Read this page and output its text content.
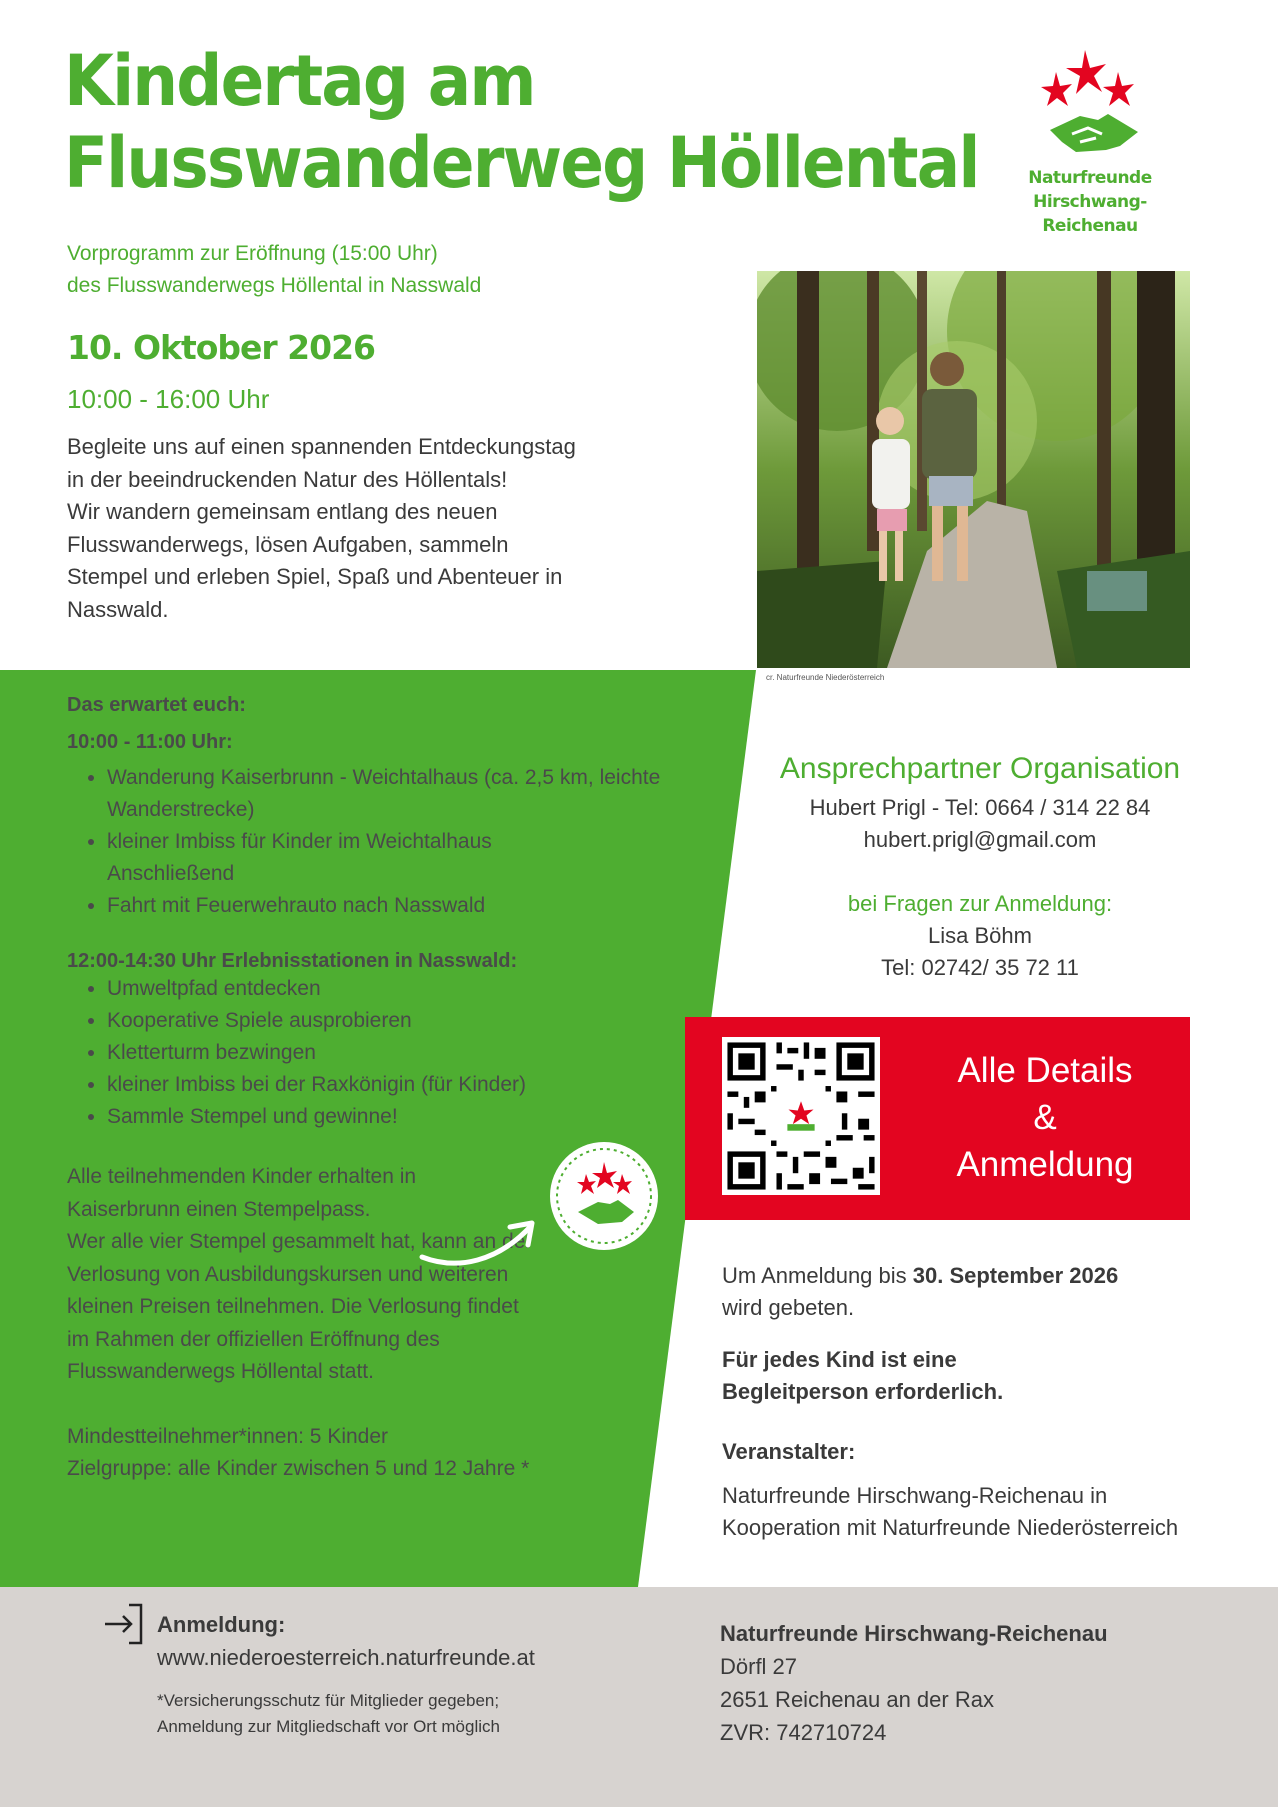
Kindertag am
Flusswanderweg Höllental	Naturfreunde
Hirschwang-
Reichenau
Vorprogramm zur Eröffnung (15:00 Uhr)
des Flusswanderwegs Höllental in Nasswald
10. Oktober 2026
10:00 - 16:00 Uhr
Begleite uns auf einen spannenden Entdeckungstag
in der beeindruckenden Natur des Höllentals!
Wir wandern gemeinsam entlang des neuen
Flusswanderwegs, lösen Aufgaben, sammeln
Stempel und erleben Spiel, Spaß und Abenteuer in
Nasswald.
cr. Naturfreunde Niederösterreich
Das erwartet euch:
10:00 - 11:00 Uhr:
• Wanderung Kaiserbrunn - Weichtalhaus (ca. 2,5 km, leichte Wanderstrecke)
• kleiner Imbiss für Kinder im Weichtalhaus Anschließend
• Fahrt mit Feuerwehrauto nach Nasswald
12:00-14:30 Uhr Erlebnisstationen in Nasswald:
• Umweltpfad entdecken
• Kooperative Spiele ausprobieren
• Kletterturm bezwingen
• kleiner Imbiss bei der Raxkönigin (für Kinder)
• Sammle Stempel und gewinne!
Alle teilnehmenden Kinder erhalten in
Kaiserbrunn einen Stempelpass.
Wer alle vier Stempel gesammelt hat, kann an der
Verlosung von Ausbildungskursen und weiteren
kleinen Preisen teilnehmen. Die Verlosung findet
im Rahmen der offiziellen Eröffnung des
Flusswanderwegs Höllental statt.
Mindestteilnehmer*innen: 5 Kinder
Zielgruppe: alle Kinder zwischen 5 und 12 Jahre *
Ansprechpartner Organisation
Hubert Prigl - Tel: 0664 / 314 22 84
hubert.prigl@gmail.com
bei Fragen zur Anmeldung:
Lisa Böhm
Tel: 02742/ 35 72 11
Alle Details
&
Anmeldung
Um Anmeldung bis 30. September 2026
wird gebeten.
Für jedes Kind ist eine
Begleitperson erforderlich.
Veranstalter:
Naturfreunde Hirschwang-Reichenau in
Kooperation mit Naturfreunde Niederösterreich
Anmeldung:
www.niederoesterreich.naturfreunde.at
*Versicherungsschutz für Mitglieder gegeben;
Anmeldung zur Mitgliedschaft vor Ort möglich
Naturfreunde Hirschwang-Reichenau
Dörfl 27
2651 Reichenau an der Rax
ZVR: 742710724
